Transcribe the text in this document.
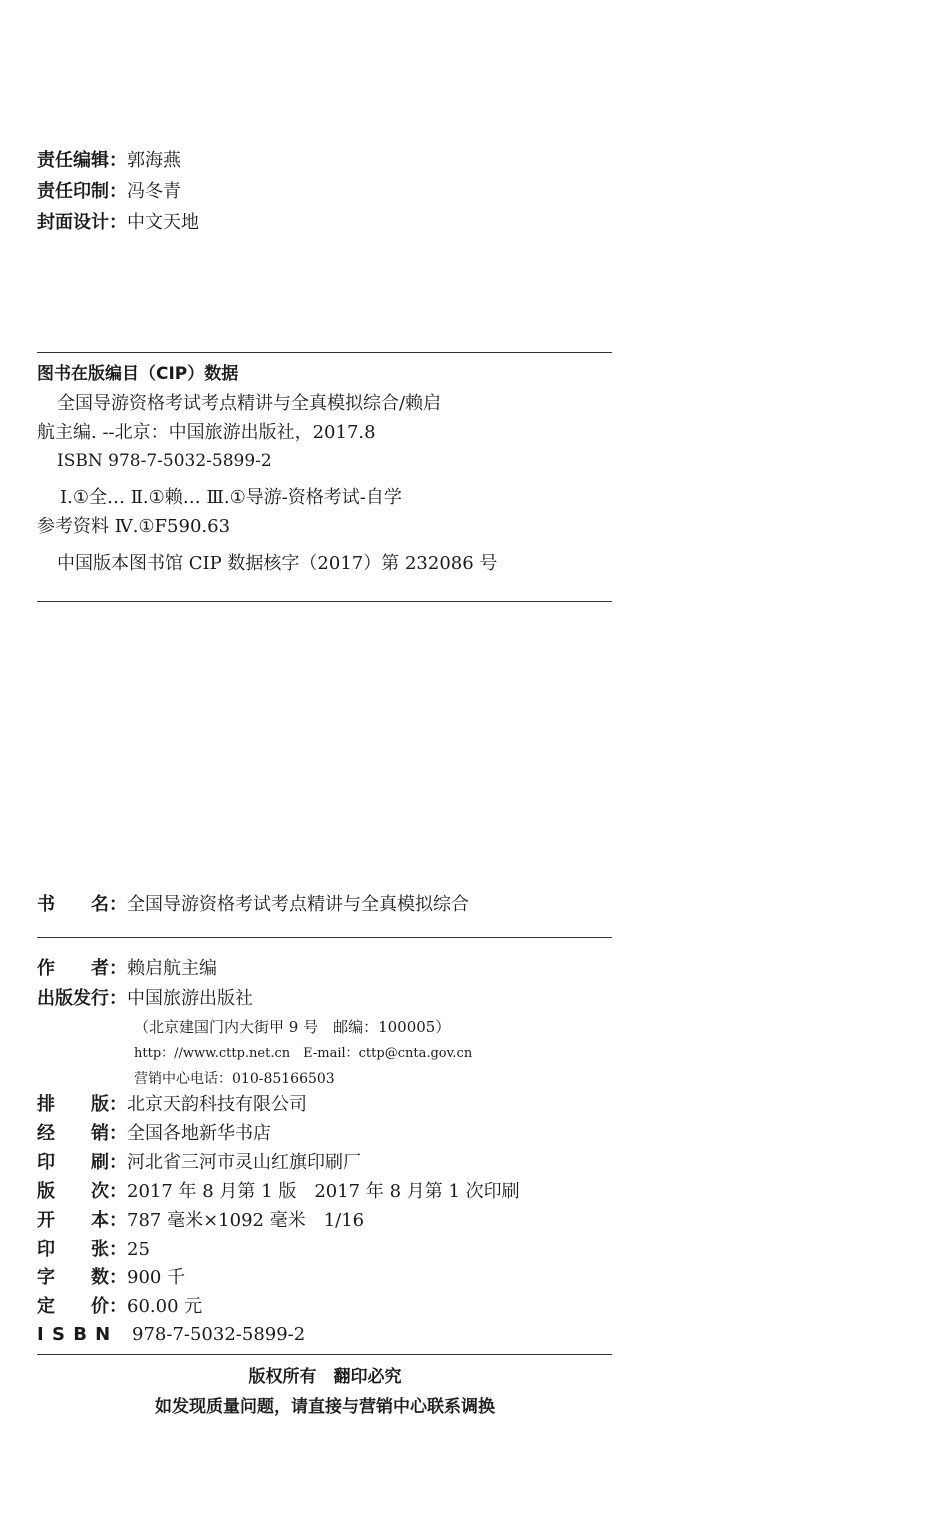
责任编辑：郭海燕
责任印制：冯冬青
封面设计：中文天地
图书在版编目（CIP）数据
全国导游资格考试考点精讲与全真模拟综合/赖启
航主编. --北京：中国旅游出版社，2017.8
ISBN 978-7-5032-5899-2
Ⅰ.①全… Ⅱ.①赖… Ⅲ.①导游-资格考试-自学
参考资料 Ⅳ.①F590.63
中国版本图书馆 CIP 数据核字（2017）第 232086 号
书　　名：全国导游资格考试考点精讲与全真模拟综合
作　　者：赖启航主编
出版发行：中国旅游出版社
（北京建国门内大街甲 9 号　邮编：100005）
http：//www.cttp.net.cn　E-mail：cttp@cnta.gov.cn
营销中心电话：010-85166503
排　　版：北京天韵科技有限公司
经　　销：全国各地新华书店
印　　刷：河北省三河市灵山红旗印刷厂
版　　次：2017 年 8 月第 1 版　2017 年 8 月第 1 次印刷
开　　本：787 毫米×1092 毫米　1/16
印　　张：25
字　　数：900 千
定　　价：60.00 元
I S B N 978-7-5032-5899-2
版权所有　翻印必究
如发现质量问题，请直接与营销中心联系调换
